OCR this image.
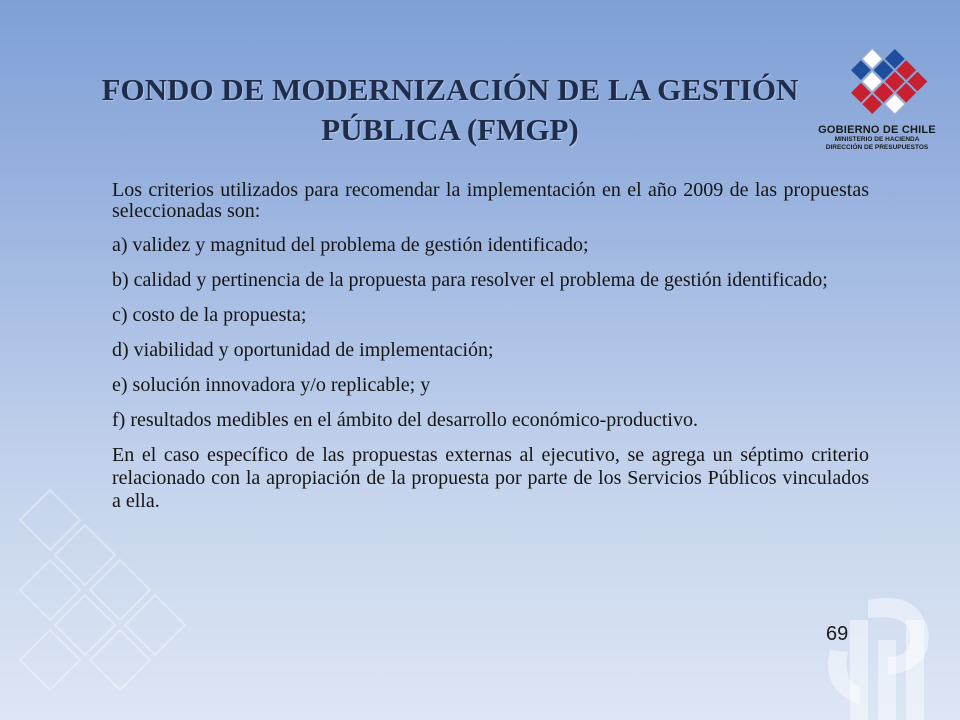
FONDO DE MODERNIZACIÓN DE LA GESTIÓN
PÚBLICA (FMGP)	GOBIERNO DE CHILE
MINISTERIO DE HACIENDA
DIRECCIÓN DE PRESUPUESTOS

Los criterios utilizados para recomendar la implementación en el año 2009 de las propuestas seleccionadas son:

a) validez y magnitud del problema de gestión identificado;

b) calidad y pertinencia de la propuesta para resolver el problema de gestión identificado;

c) costo de la propuesta;

d) viabilidad y oportunidad de implementación;

e) solución innovadora y/o replicable; y

f) resultados medibles en el ámbito del desarrollo económico-productivo.

En el caso específico de las propuestas externas al ejecutivo, se agrega un séptimo criterio relacionado con la apropiación de la propuesta por parte de los Servicios Públicos vinculados a ella.

69
